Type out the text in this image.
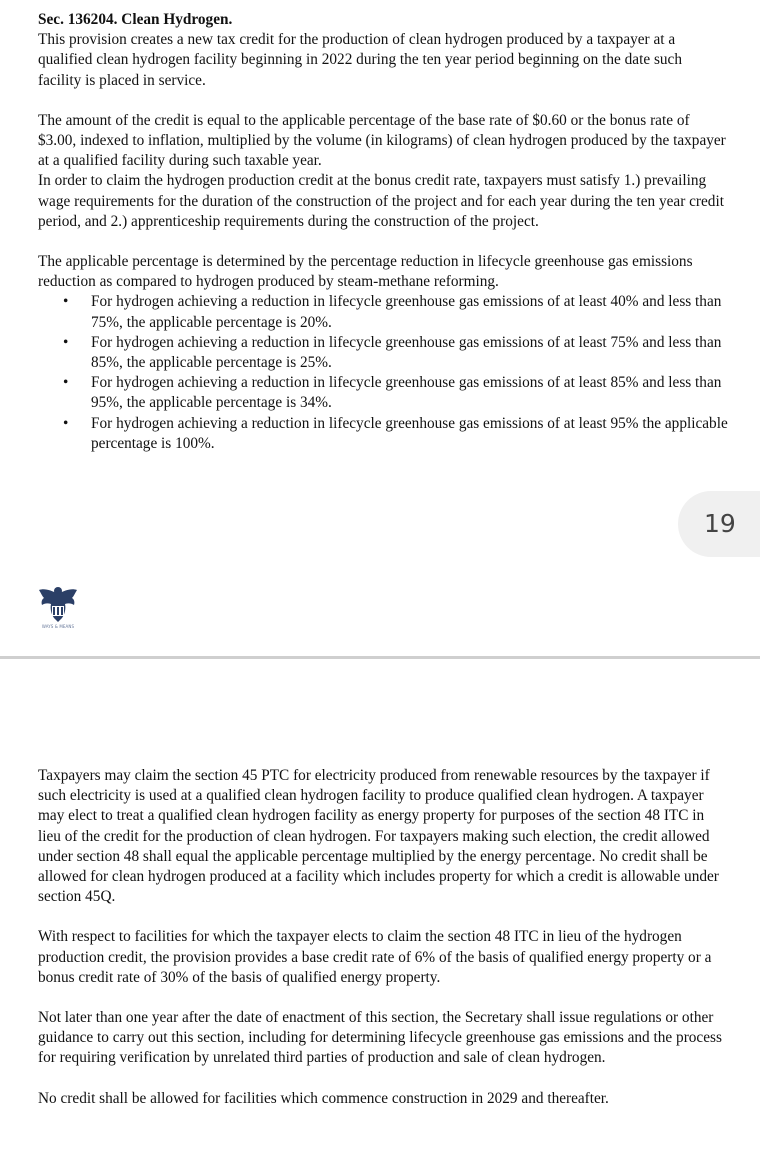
Sec. 136204. Clean Hydrogen.

This provision creates a new tax credit for the production of clean hydrogen produced by a taxpayer at a qualified clean hydrogen facility beginning in 2022 during the ten year period beginning on the date such facility is placed in service.

The amount of the credit is equal to the applicable percentage of the base rate of $0.60 or the bonus rate of $3.00, indexed to inflation, multiplied by the volume (in kilograms) of clean hydrogen produced by the taxpayer at a qualified facility during such taxable year.

In order to claim the hydrogen production credit at the bonus credit rate, taxpayers must satisfy 1.) prevailing wage requirements for the duration of the construction of the project and for each year during the ten year credit period, and 2.) apprenticeship requirements during the construction of the project.

The applicable percentage is determined by the percentage reduction in lifecycle greenhouse gas emissions reduction as compared to hydrogen produced by steam-methane reforming.

• For hydrogen achieving a reduction in lifecycle greenhouse gas emissions of at least 40% and less than 75%, the applicable percentage is 20%.
• For hydrogen achieving a reduction in lifecycle greenhouse gas emissions of at least 75% and less than 85%, the applicable percentage is 25%.
• For hydrogen achieving a reduction in lifecycle greenhouse gas emissions of at least 85% and less than 95%, the applicable percentage is 34%.
• For hydrogen achieving a reduction in lifecycle greenhouse gas emissions of at least 95% the applicable percentage is 100%.
19
WAYS & MEANS

Taxpayers may claim the section 45 PTC for electricity produced from renewable resources by the taxpayer if such electricity is used at a qualified clean hydrogen facility to produce qualified clean hydrogen. A taxpayer may elect to treat a qualified clean hydrogen facility as energy property for purposes of the section 48 ITC in lieu of the credit for the production of clean hydrogen. For taxpayers making such election, the credit allowed under section 48 shall equal the applicable percentage multiplied by the energy percentage. No credit shall be allowed for clean hydrogen produced at a facility which includes property for which a credit is allowable under section 45Q.

With respect to facilities for which the taxpayer elects to claim the section 48 ITC in lieu of the hydrogen production credit, the provision provides a base credit rate of 6% of the basis of qualified energy property or a bonus credit rate of 30% of the basis of qualified energy property.

Not later than one year after the date of enactment of this section, the Secretary shall issue regulations or other guidance to carry out this section, including for determining lifecycle greenhouse gas emissions and the process for requiring verification by unrelated third parties of production and sale of clean hydrogen.

No credit shall be allowed for facilities which commence construction in 2029 and thereafter.
